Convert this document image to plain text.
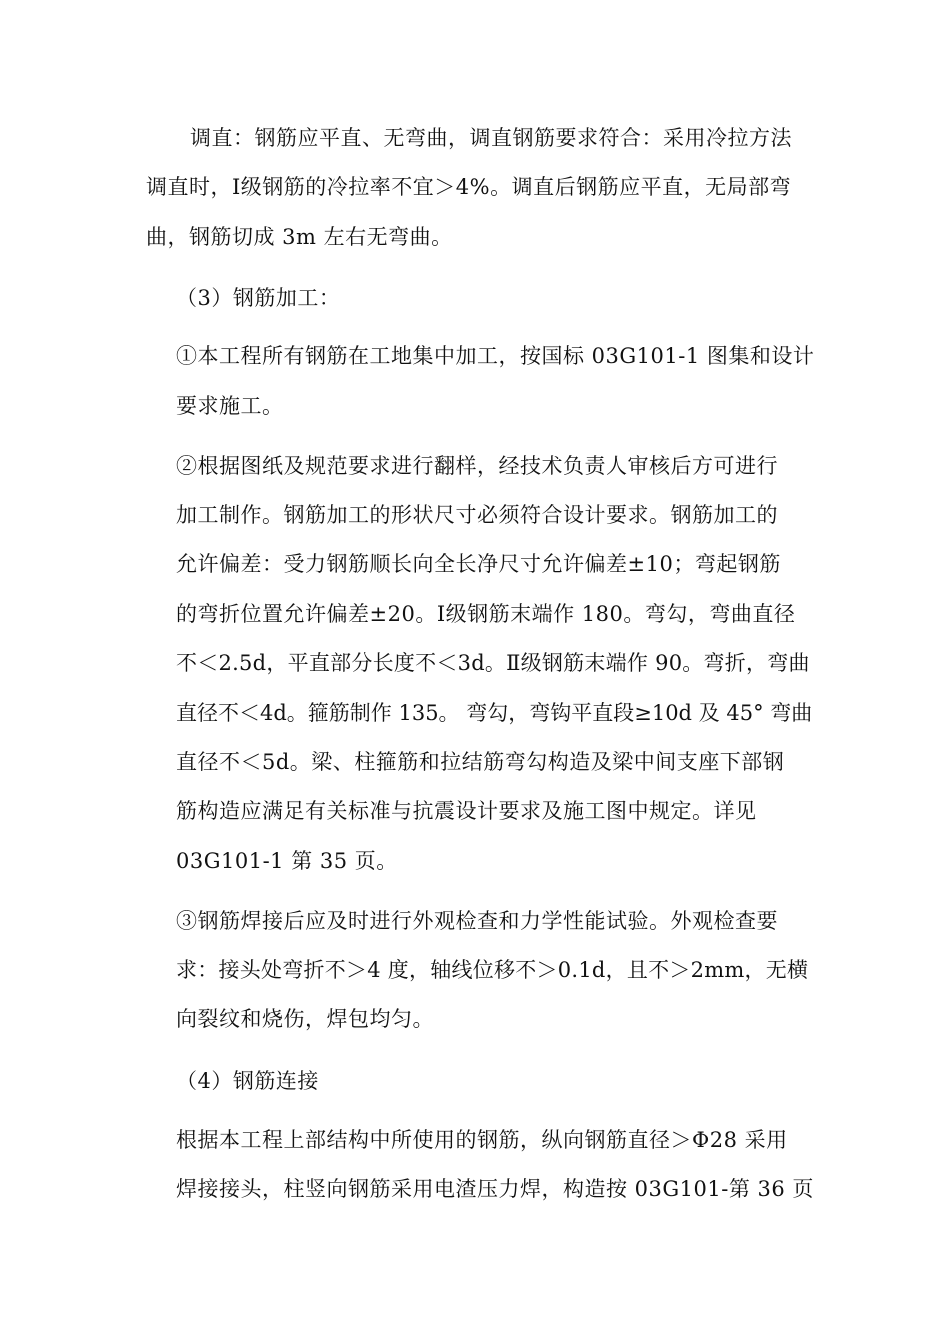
调直：钢筋应平直、无弯曲，调直钢筋要求符合：采用冷拉方法
调直时，Ⅰ级钢筋的冷拉率不宜＞4%。调直后钢筋应平直，无局部弯
曲，钢筋切成 3m 左右无弯曲。
（3）钢筋加工：
①本工程所有钢筋在工地集中加工，按国标 03G101-1 图集和设计
要求施工。
②根据图纸及规范要求进行翻样，经技术负责人审核后方可进行
加工制作。钢筋加工的形状尺寸必须符合设计要求。钢筋加工的
允许偏差：受力钢筋顺长向全长净尺寸允许偏差±10；弯起钢筋
的弯折位置允许偏差±20。Ⅰ级钢筋末端作 180。弯勾，弯曲直径
不＜2.5d，平直部分长度不＜3d。Ⅱ级钢筋末端作 90。弯折，弯曲
直径不＜4d。箍筋制作 135。 弯勾，弯钩平直段≥10d 及 45° 弯曲
直径不＜5d。梁、柱箍筋和拉结筋弯勾构造及梁中间支座下部钢
筋构造应满足有关标准与抗震设计要求及施工图中规定。详见
03G101-1 第 35 页。
③钢筋焊接后应及时进行外观检查和力学性能试验。外观检查要
求：接头处弯折不＞4 度，轴线位移不＞0.1d，且不＞2mm，无横
向裂纹和烧伤，焊包均匀。
（4）钢筋连接
根据本工程上部结构中所使用的钢筋，纵向钢筋直径＞Φ28 采用
焊接接头，柱竖向钢筋采用电渣压力焊，构造按 03G101-第 36 页
